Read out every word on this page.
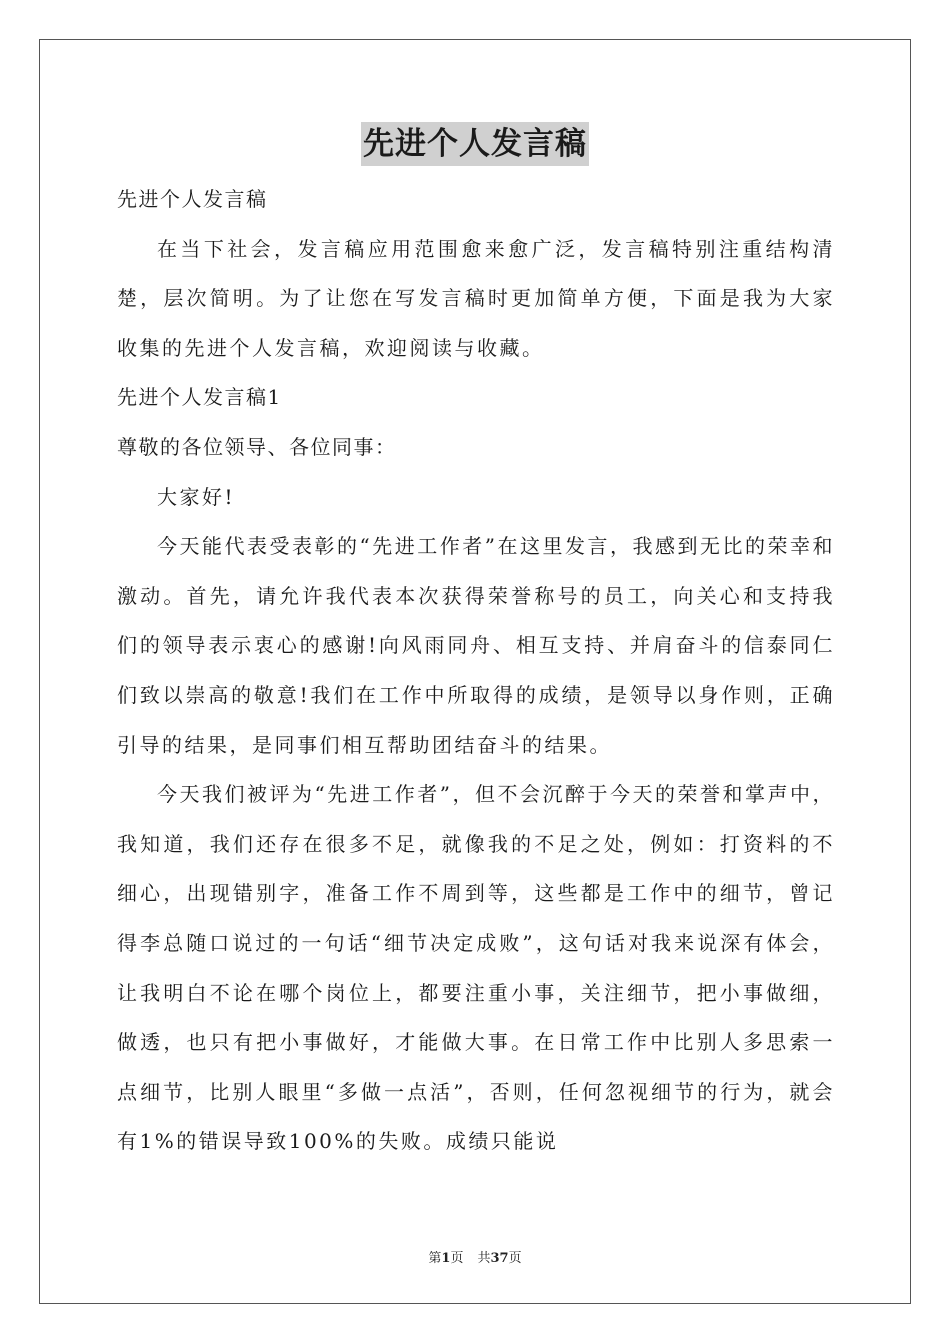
先进个人发言稿

先进个人发言稿

在当下社会，发言稿应用范围愈来愈广泛，发言稿特别注重结构清楚，层次简明。为了让您在写发言稿时更加简单方便，下面是我为大家收集的先进个人发言稿，欢迎阅读与收藏。

先进个人发言稿1

尊敬的各位领导、各位同事：

大家好!

今天能代表受表彰的“先进工作者”在这里发言，我感到无比的荣幸和激动。首先，请允许我代表本次获得荣誉称号的员工，向关心和支持我们的领导表示衷心的感谢!向风雨同舟、相互支持、并肩奋斗的信泰同仁们致以崇高的敬意!我们在工作中所取得的成绩，是领导以身作则，正确引导的结果，是同事们相互帮助团结奋斗的结果。

今天我们被评为“先进工作者”，但不会沉醉于今天的荣誉和掌声中，我知道，我们还存在很多不足，就像我的不足之处，例如：打资料的不细心，出现错别字，准备工作不周到等，这些都是工作中的细节，曾记得李总随口说过的一句话“细节决定成败”，这句话对我来说深有体会，让我明白不论在哪个岗位上，都要注重小事，关注细节，把小事做细，做透，也只有把小事做好，才能做大事。在日常工作中比别人多思索一点细节，比别人眼里“多做一点活”，否则，任何忽视细节的行为，就会有1%的错误导致100%的失败。成绩只能说

第1页 共37页
